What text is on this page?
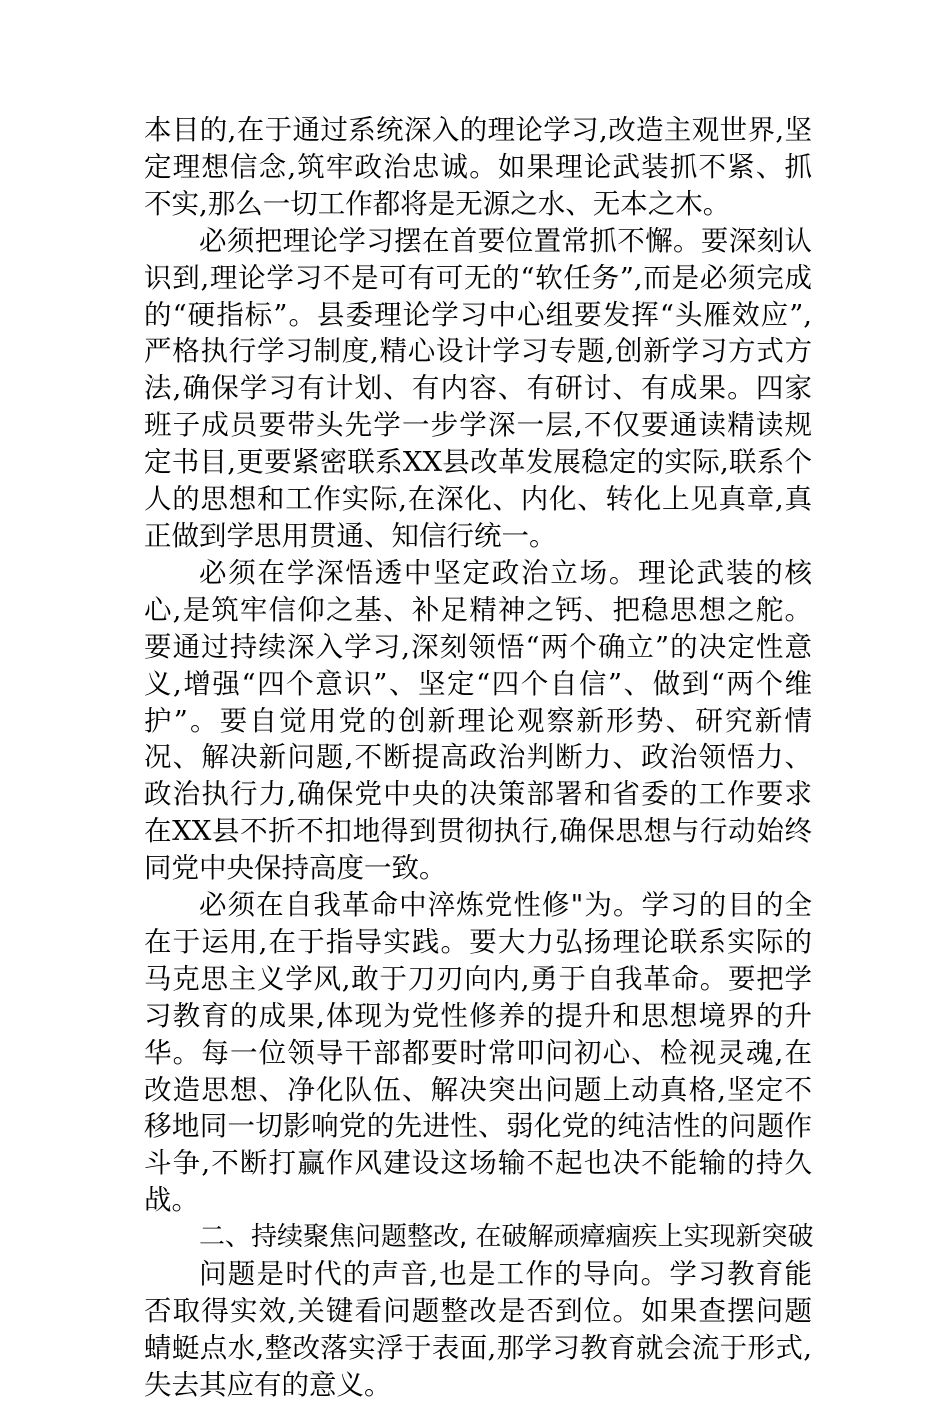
本目的,在于通过系统深入的理论学习,改造主观世界,坚定理想信念,筑牢政治忠诚。如果理论武装抓不紧、抓不实,那么一切工作都将是无源之水、无本之木。

必须把理论学习摆在首要位置常抓不懈。要深刻认识到,理论学习不是可有可无的“软任务”,而是必须完成的“硬指标”。县委理论学习中心组要发挥“头雁效应”,严格执行学习制度,精心设计学习专题,创新学习方式方法,确保学习有计划、有内容、有研讨、有成果。四家班子成员要带头先学一步学深一层,不仅要通读精读规定书目,更要紧密联系XX县改革发展稳定的实际,联系个人的思想和工作实际,在深化、内化、转化上见真章,真正做到学思用贯通、知信行统一。

必须在学深悟透中坚定政治立场。理论武装的核心,是筑牢信仰之基、补足精神之钙、把稳思想之舵。要通过持续深入学习,深刻领悟“两个确立”的决定性意义,增强“四个意识”、坚定“四个自信”、做到“两个维护”。要自觉用党的创新理论观察新形势、研究新情况、解决新问题,不断提高政治判断力、政治领悟力、政治执行力,确保党中央的决策部署和省委的工作要求在XX县不折不扣地得到贯彻执行,确保思想与行动始终同党中央保持高度一致。

必须在自我革命中淬炼党性修"为。学习的目的全在于运用,在于指导实践。要大力弘扬理论联系实际的马克思主义学风,敢于刀刃向内,勇于自我革命。要把学习教育的成果,体现为党性修养的提升和思想境界的升华。每一位领导干部都要时常叩问初心、检视灵魂,在改造思想、净化队伍、解决突出问题上动真格,坚定不移地同一切影响党的先进性、弱化党的纯洁性的问题作斗争,不断打赢作风建设这场输不起也决不能输的持久战。

二、持续聚焦问题整改, 在破解顽瘴痼疾上实现新突破

问题是时代的声音,也是工作的导向。学习教育能否取得实效,关键看问题整改是否到位。如果查摆问题蜻蜓点水,整改落实浮于表面,那学习教育就会流于形式,失去其应有的意义。
